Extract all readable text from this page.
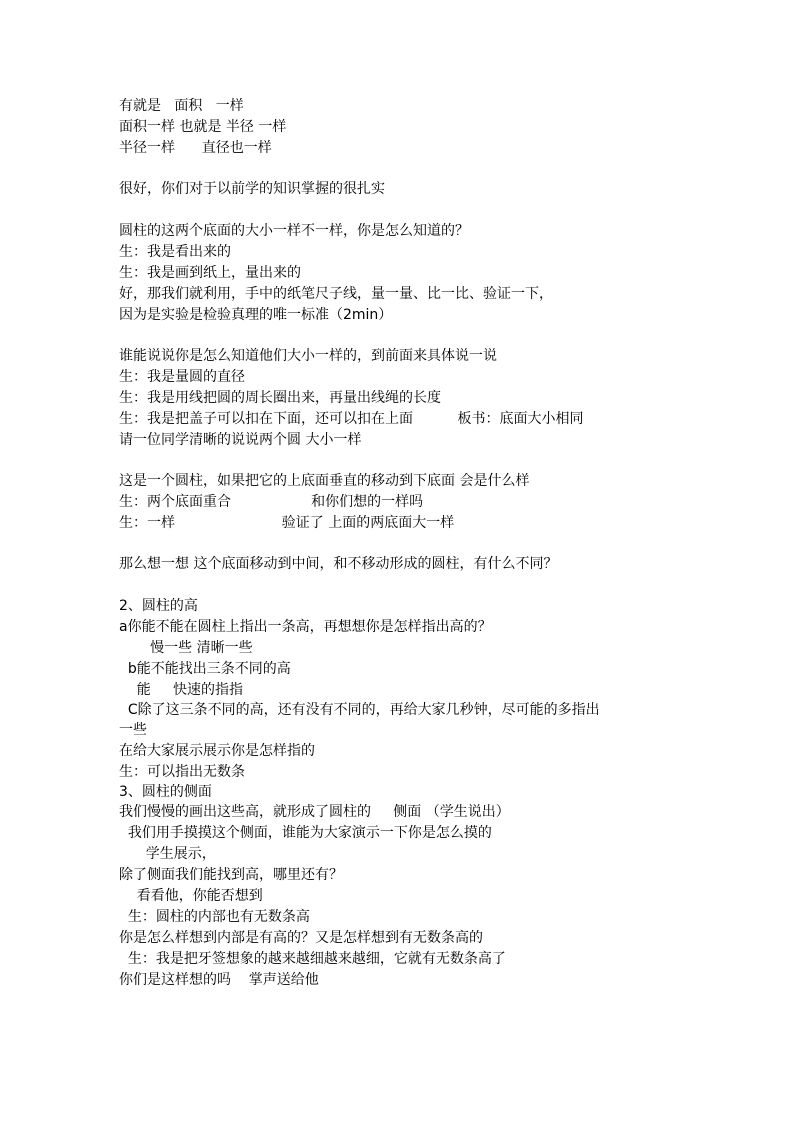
有就是   面积   一样
面积一样 也就是 半径 一样
半径一样      直径也一样
很好，你们对于以前学的知识掌握的很扎实
圆柱的这两个底面的大小一样不一样，你是怎么知道的？
生：我是看出来的
生：我是画到纸上，量出来的
好，那我们就利用，手中的纸笔尺子线，量一量、比一比、验证一下，
因为是实验是检验真理的唯一标准（2min）
谁能说说你是怎么知道他们大小一样的，到前面来具体说一说
生：我是量圆的直径
生：我是用线把圆的周长圈出来，再量出线绳的长度
生：我是把盖子可以扣在下面，还可以扣在上面          板书：底面大小相同
请一位同学清晰的说说两个圆 大小一样
这是一个圆柱，如果把它的上底面垂直的移动到下底面 会是什么样
生：两个底面重合                  和你们想的一样吗
生：一样                        验证了 上面的两底面大一样
那么想一想 这个底面移动到中间，和不移动形成的圆柱，有什么不同？
2、圆柱的高
a你能不能在圆柱上指出一条高，再想想你是怎样指出高的？
慢一些 清晰一些
b能不能找出三条不同的高
能     快速的指指
C除了这三条不同的高，还有没有不同的，再给大家几秒钟，尽可能的多指出
一些
在给大家展示展示你是怎样指的
生：可以指出无数条
3、圆柱的侧面
我们慢慢的画出这些高，就形成了圆柱的     侧面 （学生说出）
我们用手摸摸这个侧面，谁能为大家演示一下你是怎么摸的
学生展示，
除了侧面我们能找到高，哪里还有？
看看他，你能否想到
生：圆柱的内部也有无数条高
你是怎么样想到内部是有高的？又是怎样想到有无数条高的
生：我是把牙签想象的越来越细越来越细，它就有无数条高了
你们是这样想的吗    掌声送给他
